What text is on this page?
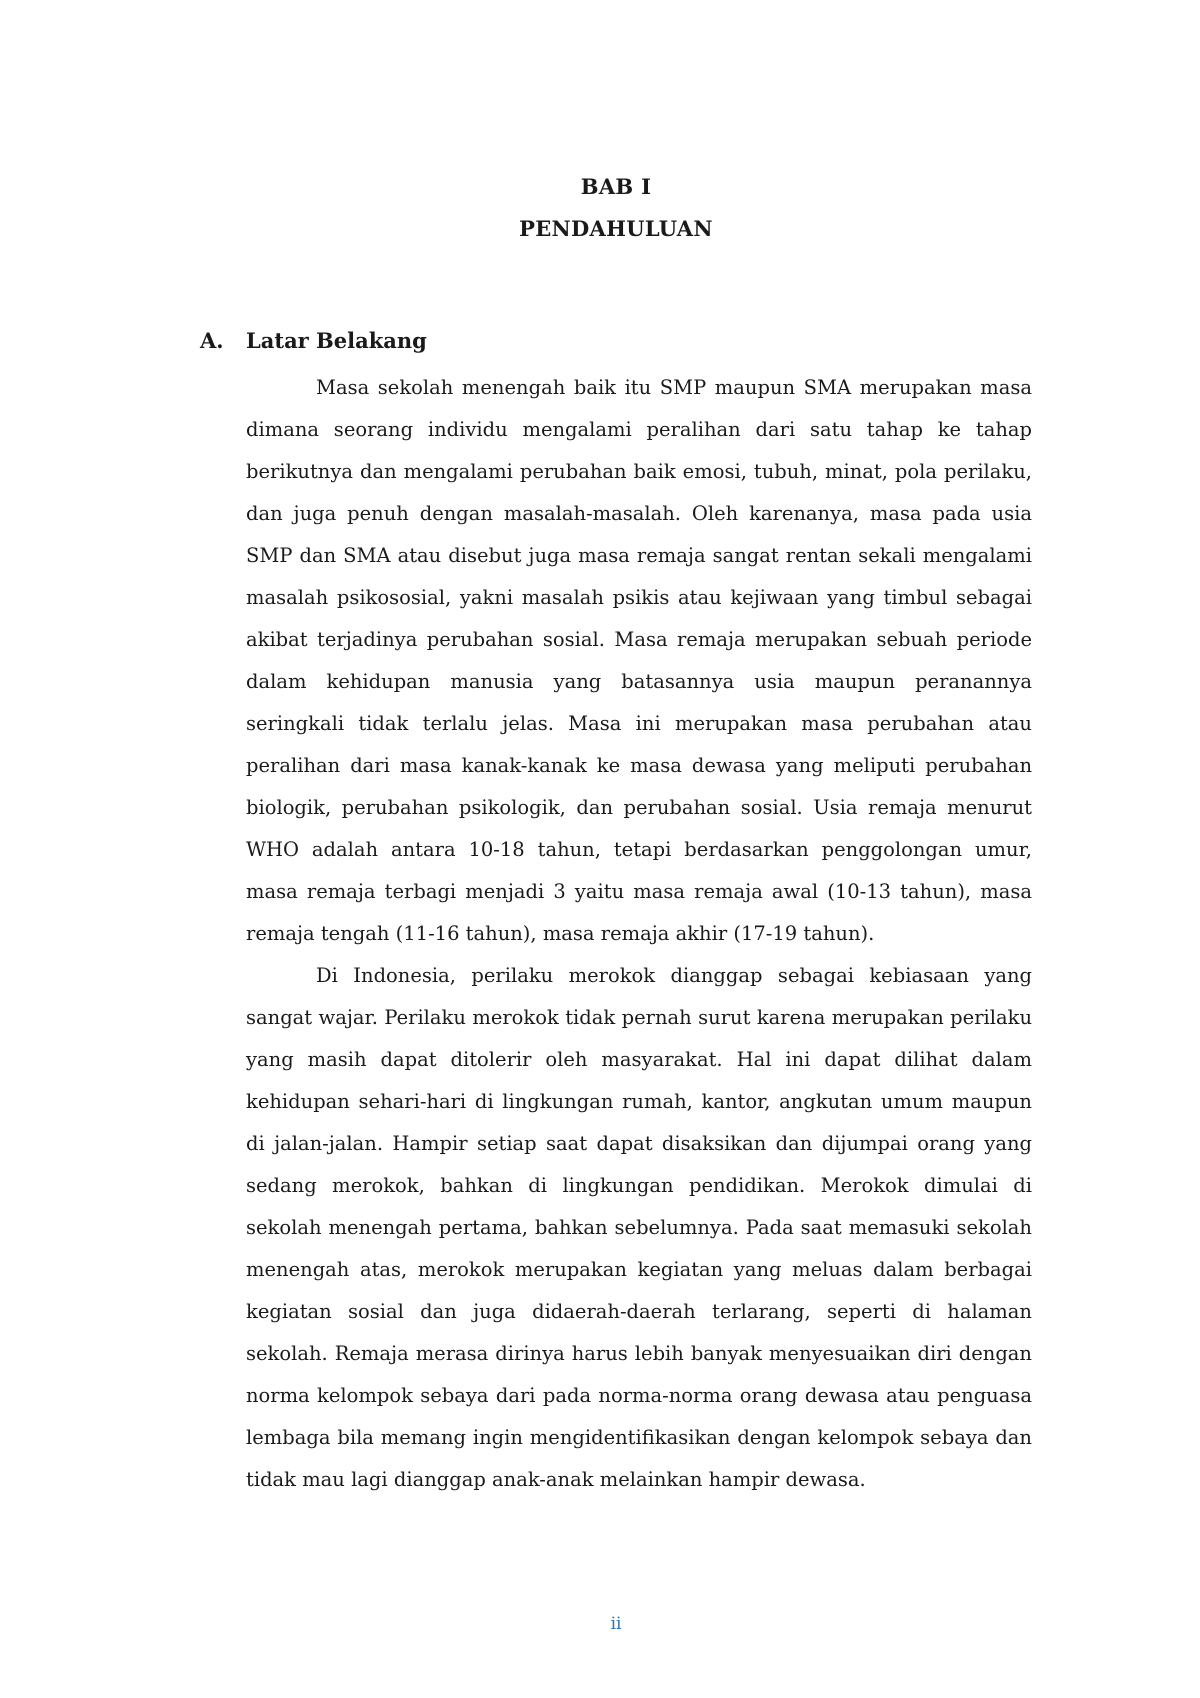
BAB I
PENDAHULUAN
A. Latar Belakang

Masa sekolah menengah baik itu SMP maupun SMA merupakan masa dimana seorang individu mengalami peralihan dari satu tahap ke tahap berikutnya dan mengalami perubahan baik emosi, tubuh, minat, pola perilaku, dan juga penuh dengan masalah-masalah. Oleh karenanya, masa pada usia SMP dan SMA atau disebut juga masa remaja sangat rentan sekali mengalami masalah psikososial, yakni masalah psikis atau kejiwaan yang timbul sebagai akibat terjadinya perubahan sosial. Masa remaja merupakan sebuah periode dalam kehidupan manusia yang batasannya usia maupun peranannya seringkali tidak terlalu jelas. Masa ini merupakan masa perubahan atau peralihan dari masa kanak-kanak ke masa dewasa yang meliputi perubahan biologik, perubahan psikologik, dan perubahan sosial. Usia remaja menurut WHO adalah antara 10-18 tahun, tetapi berdasarkan penggolongan umur, masa remaja terbagi menjadi 3 yaitu masa remaja awal (10-13 tahun), masa remaja tengah (11-16 tahun), masa remaja akhir (17-19 tahun).

Di Indonesia, perilaku merokok dianggap sebagai kebiasaan yang sangat wajar. Perilaku merokok tidak pernah surut karena merupakan perilaku yang masih dapat ditolerir oleh masyarakat. Hal ini dapat dilihat dalam kehidupan sehari-hari di lingkungan rumah, kantor, angkutan umum maupun di jalan-jalan. Hampir setiap saat dapat disaksikan dan dijumpai orang yang sedang merokok, bahkan di lingkungan pendidikan. Merokok dimulai di sekolah menengah pertama, bahkan sebelumnya. Pada saat memasuki sekolah menengah atas, merokok merupakan kegiatan yang meluas dalam berbagai kegiatan sosial dan juga didaerah-daerah terlarang, seperti di halaman sekolah. Remaja merasa dirinya harus lebih banyak menyesuaikan diri dengan norma kelompok sebaya dari pada norma-norma orang dewasa atau penguasa lembaga bila memang ingin mengidentifikasikan dengan kelompok sebaya dan tidak mau lagi dianggap anak-anak melainkan hampir dewasa.

ii
